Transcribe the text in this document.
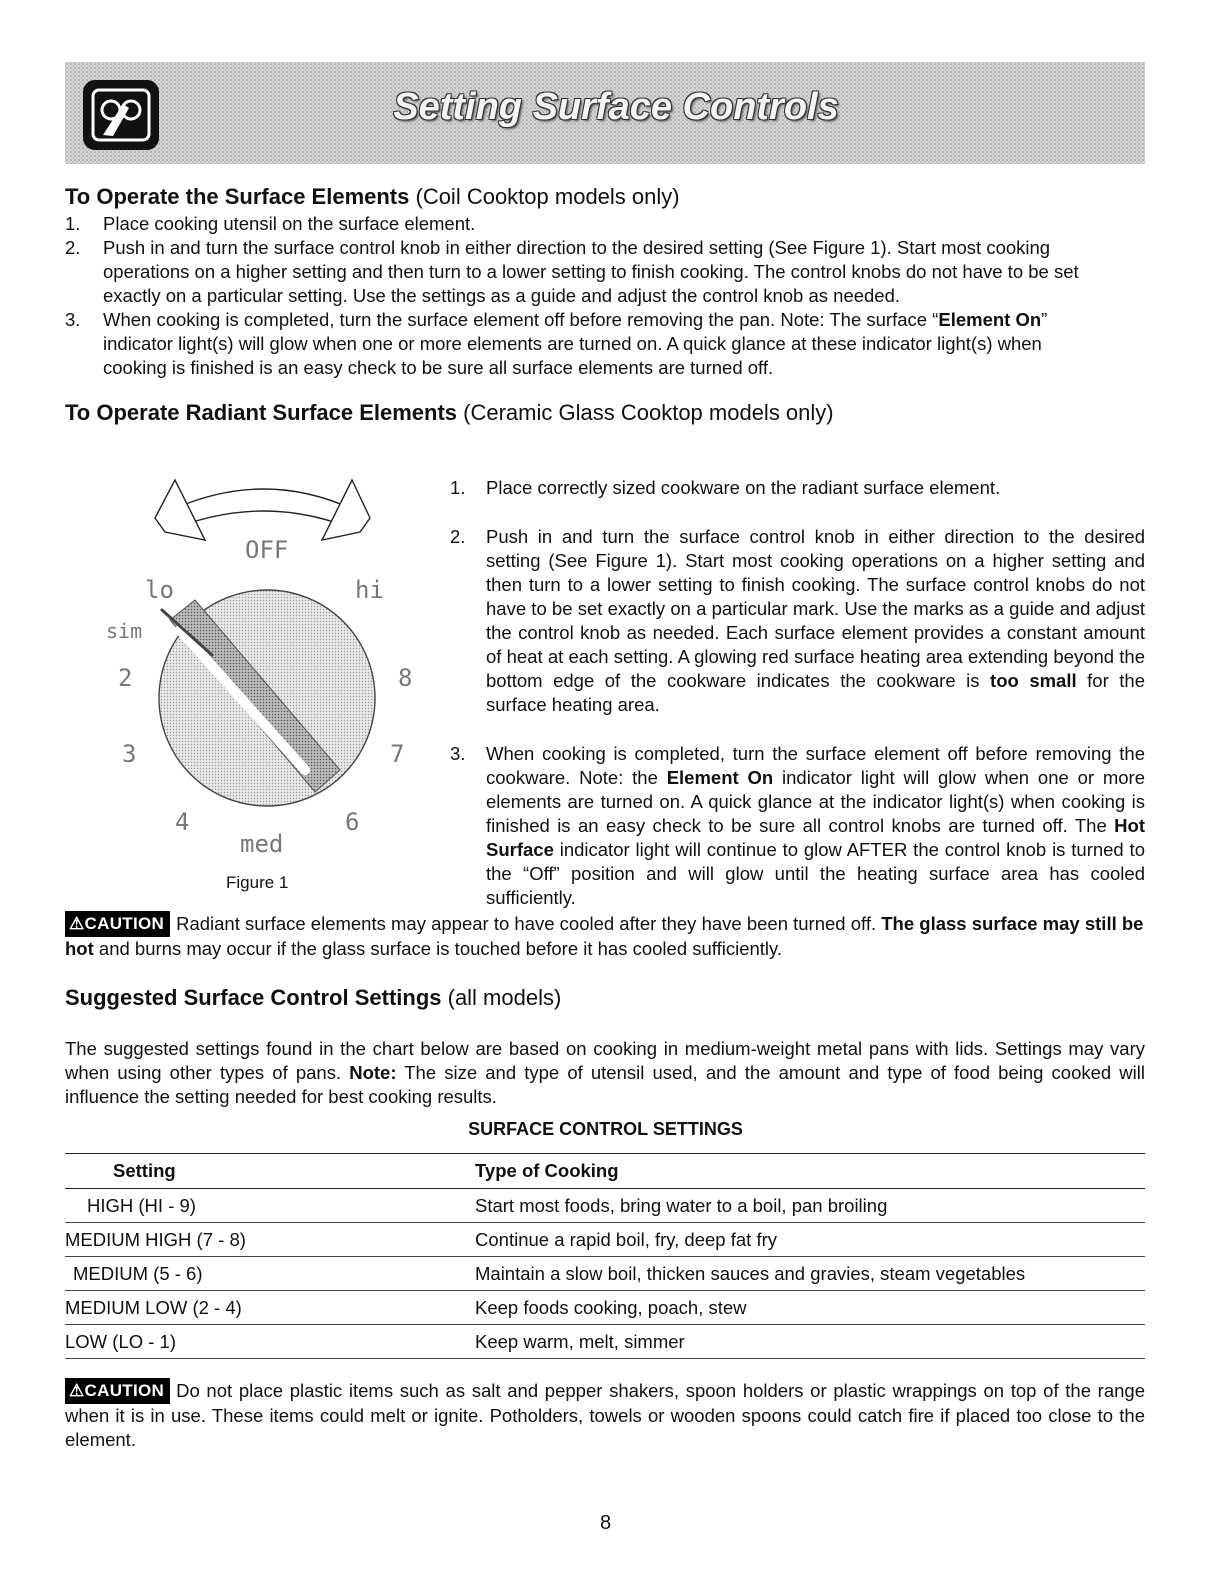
Setting Surface Controls
To Operate the Surface Elements (Coil Cooktop models only)
1. Place cooking utensil on the surface element.
2. Push in and turn the surface control knob in either direction to the desired setting (See Figure 1). Start most cooking operations on a higher setting and then turn to a lower setting to finish cooking. The control knobs do not have to be set exactly on a particular setting. Use the settings as a guide and adjust the control knob as needed.
3. When cooking is completed, turn the surface element off before removing the pan. Note: The surface “Element On” indicator light(s) will glow when one or more elements are turned on. A quick glance at these indicator light(s) when cooking is finished is an easy check to be sure all surface elements are turned off.
To Operate Radiant Surface Elements (Ceramic Glass Cooktop models only)
OFF
lo	hi
sim
2
3
4
med
6
7
8
Figure 1
1. Place correctly sized cookware on the radiant surface element.
2. Push in and turn the surface control knob in either direction to the desired setting (See Figure 1). Start most cooking operations on a higher setting and then turn to a lower setting to finish cooking. The surface control knobs do not have to be set exactly on a particular mark. Use the marks as a guide and adjust the control knob as needed. Each surface element provides a constant amount of heat at each setting. A glowing red surface heating area extending beyond the bottom edge of the cookware indicates the cookware is too small for the surface heating area.
3. When cooking is completed, turn the surface element off before removing the cookware. Note: the Element On indicator light will glow when one or more elements are turned on. A quick glance at the indicator light(s) when cooking is finished is an easy check to be sure all control knobs are turned off. The Hot Surface indicator light will continue to glow AFTER the control knob is turned to the “Off” position and will glow until the heating surface area has cooled sufficiently.
⚠CAUTION Radiant surface elements may appear to have cooled after they have been turned off. The glass surface may still be hot and burns may occur if the glass surface is touched before it has cooled sufficiently.
Suggested Surface Control Settings (all models)
The suggested settings found in the chart below are based on cooking in medium-weight metal pans with lids. Settings may vary when using other types of pans. Note: The size and type of utensil used, and the amount and type of food being cooked will influence the setting needed for best cooking results.
SURFACE CONTROL SETTINGS
Setting	Type of Cooking
HIGH (HI - 9)	Start most foods, bring water to a boil, pan broiling
MEDIUM HIGH (7 - 8)	Continue a rapid boil, fry, deep fat fry
MEDIUM (5 - 6)	Maintain a slow boil, thicken sauces and gravies, steam vegetables
MEDIUM LOW (2 - 4)	Keep foods cooking, poach, stew
LOW (LO - 1)	Keep warm, melt, simmer
⚠CAUTION Do not place plastic items such as salt and pepper shakers, spoon holders or plastic wrappings on top of the range when it is in use. These items could melt or ignite. Potholders, towels or wooden spoons could catch fire if placed too close to the element.
8
